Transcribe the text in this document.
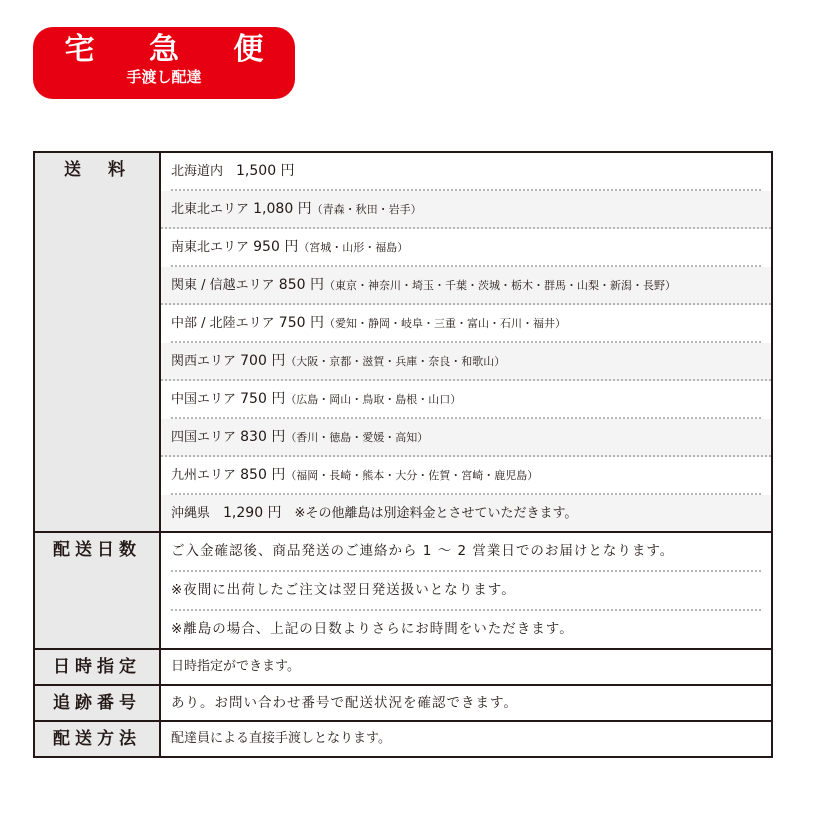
宅 急 便
手渡し配達
送　料	北海道内　1,500 円
北東北エリア 1,080 円（青森・秋田・岩手）
南東北エリア 950 円（宮城・山形・福島）
関東 / 信越エリア 850 円（東京・神奈川・埼玉・千葉・茨城・栃木・群馬・山梨・新潟・長野）
中部 / 北陸エリア 750 円（愛知・静岡・岐阜・三重・富山・石川・福井）
関西エリア 700 円（大阪・京都・滋賀・兵庫・奈良・和歌山）
中国エリア 750 円（広島・岡山・鳥取・島根・山口）
四国エリア 830 円（香川・徳島・愛媛・高知）
九州エリア 850 円（福岡・長崎・熊本・大分・佐賀・宮崎・鹿児島）
沖縄県　1,290 円　※その他離島は別途料金とさせていただきます。

配送日数	ご入金確認後、商品発送のご連絡から 1 〜 2 営業日でのお届けとなります。
※夜間に出荷したご注文は翌日発送扱いとなります。
※離島の場合、上記の日数よりさらにお時間をいただきます。

日時指定	日時指定ができます。

追跡番号	あり。お問い合わせ番号で配送状況を確認できます。

配送方法	配達員による直接手渡しとなります。
